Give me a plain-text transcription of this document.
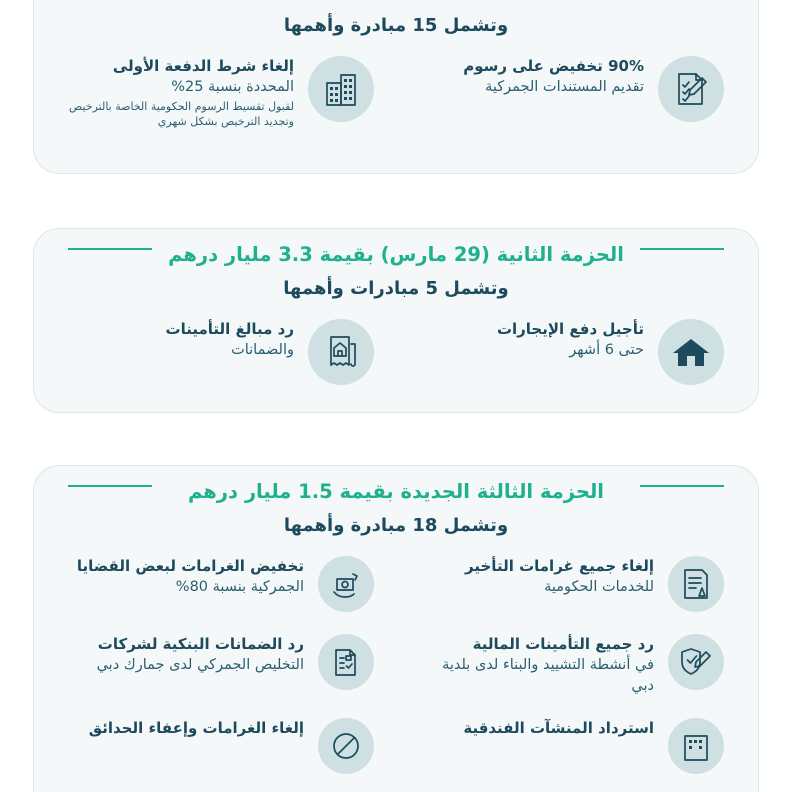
وتشمل 15 مبادرة وأهمها
90% تخفيض على رسوم
تقديم المستندات الجمركية
إلغاء شرط الدفعة الأولى
المحددة بنسبة 25%
لقبول تقسيط الرسوم الحكومية الخاصة بالترخيص وتجديد الترخيص بشكل شهري
الحزمة الثانية (29 مارس) بقيمة 3.3 مليار درهم
وتشمل 5 مبادرات وأهمها
تأجيل دفع الإيجارات
حتى 6 أشهر
رد مبالغ التأمينات
والضمانات
الحزمة الثالثة الجديدة بقيمة 1.5 مليار درهم
وتشمل 18 مبادرة وأهمها
إلغاء جميع غرامات التأخير
للخدمات الحكومية
تخفيض الغرامات لبعض القضايا
الجمركية بنسبة 80%
رد جميع التأمينات المالية
في أنشطة التشييد والبناء لدى بلدية دبي
رد الضمانات البنكية لشركات
التخليص الجمركي لدى جمارك دبي
استرداد المنشآت الفندقية
إلغاء الغرامات وإعفاء الحدائق
